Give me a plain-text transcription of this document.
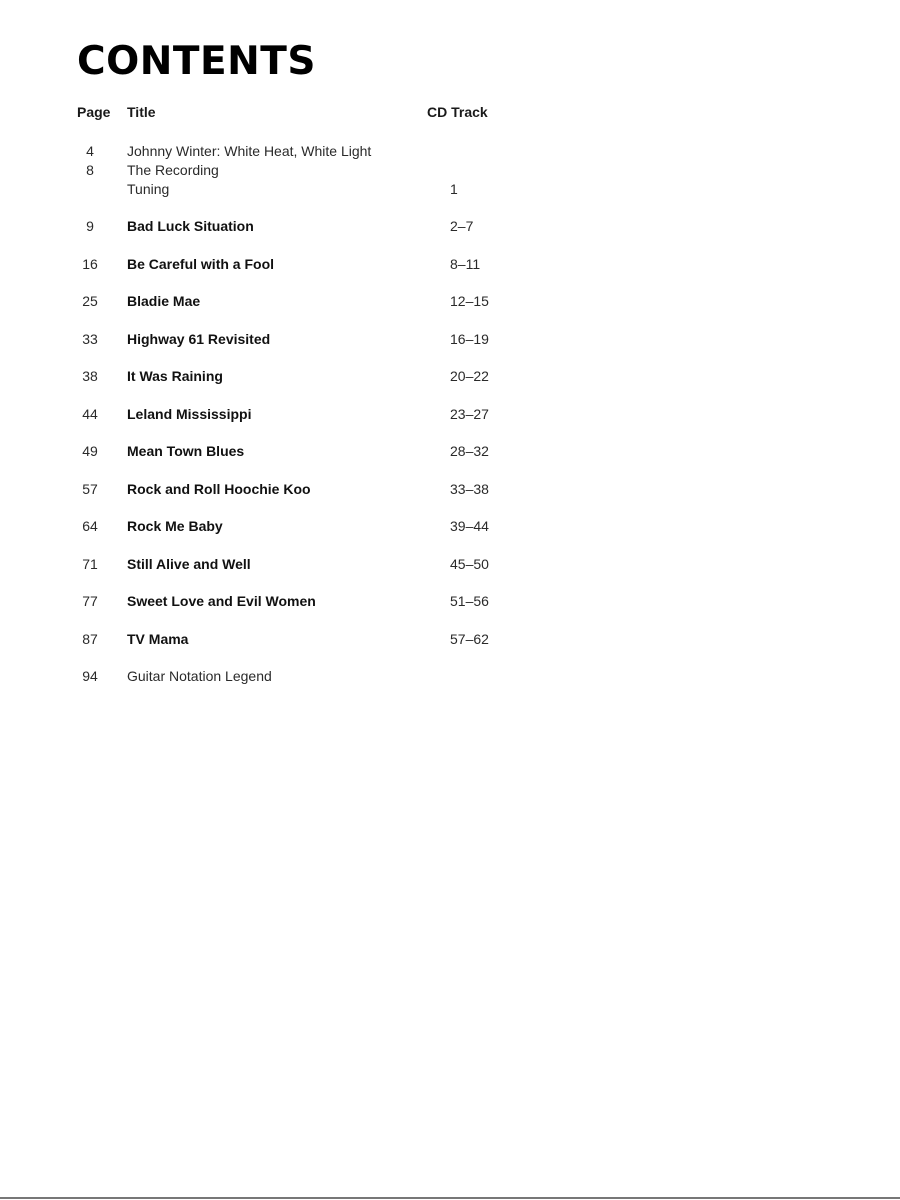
CONTENTS
Page Title	CD Track
4	Johnny Winter: White Heat, White Light
8	The Recording
Tuning	1
9	Bad Luck Situation	2–7
16	Be Careful with a Fool	8–11
25	Bladie Mae	12–15
33	Highway 61 Revisited	16–19
38	It Was Raining	20–22
44	Leland Mississippi	23–27
49	Mean Town Blues	28–32
57	Rock and Roll Hoochie Koo	33–38
64	Rock Me Baby	39–44
71	Still Alive and Well	45–50
77	Sweet Love and Evil Women	51–56
87	TV Mama	57–62
94	Guitar Notation Legend
